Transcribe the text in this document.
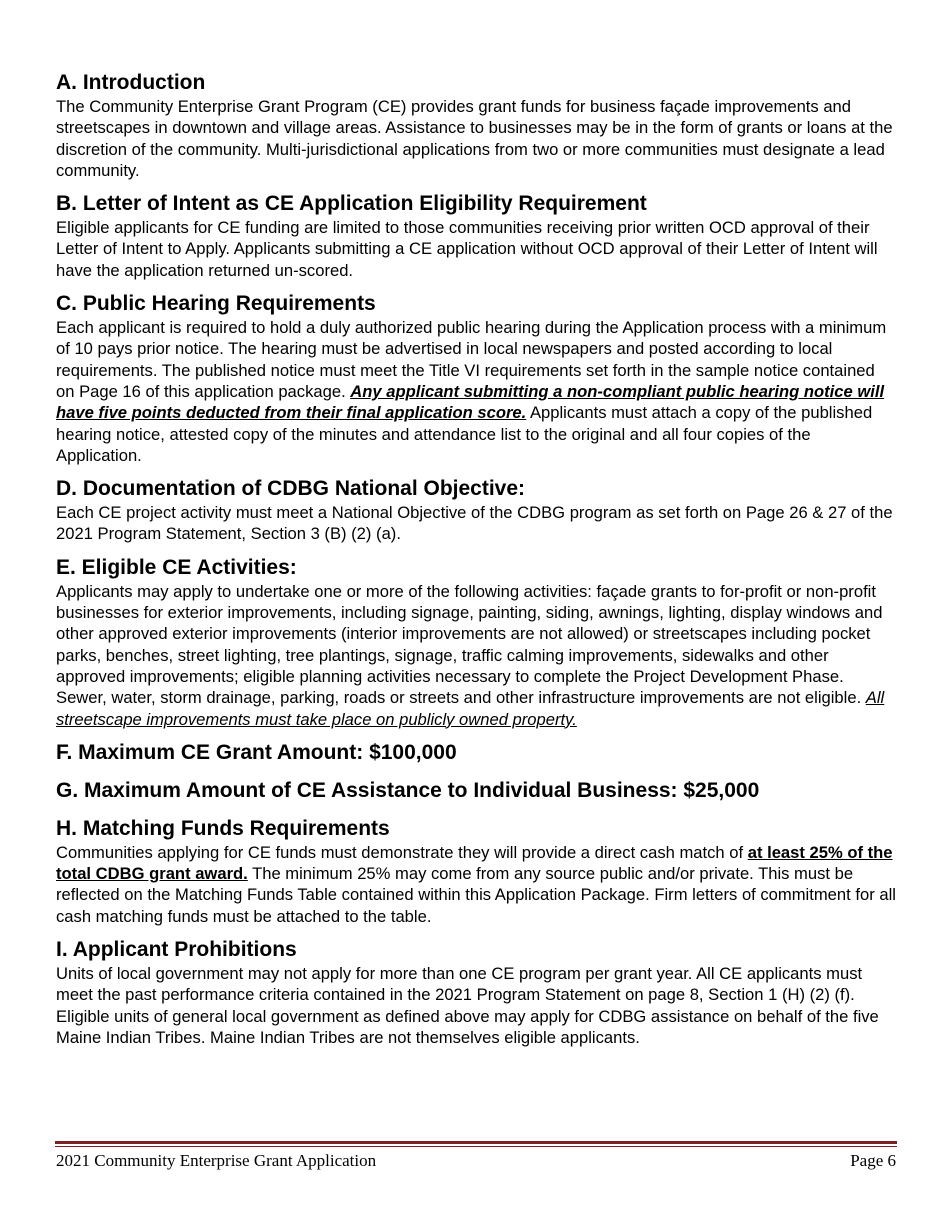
A. Introduction

The Community Enterprise Grant Program (CE) provides grant funds for business façade improvements and streetscapes in downtown and village areas. Assistance to businesses may be in the form of grants or loans at the discretion of the community. Multi-jurisdictional applications from two or more communities must designate a lead community.

B. Letter of Intent as CE Application Eligibility Requirement

Eligible applicants for CE funding are limited to those communities receiving prior written OCD approval of their Letter of Intent to Apply. Applicants submitting a CE application without OCD approval of their Letter of Intent will have the application returned un-scored.

C. Public Hearing Requirements

Each applicant is required to hold a duly authorized public hearing during the Application process with a minimum of 10 pays prior notice. The hearing must be advertised in local newspapers and posted according to local requirements. The published notice must meet the Title VI requirements set forth in the sample notice contained on Page 16 of this application package. Any applicant submitting a non-compliant public hearing notice will have five points deducted from their final application score. Applicants must attach a copy of the published hearing notice, attested copy of the minutes and attendance list to the original and all four copies of the Application.

D. Documentation of CDBG National Objective:

Each CE project activity must meet a National Objective of the CDBG program as set forth on Page 26 & 27 of the 2021 Program Statement, Section 3 (B) (2) (a).

E. Eligible CE Activities:

Applicants may apply to undertake one or more of the following activities: façade grants to for-profit or non-profit businesses for exterior improvements, including signage, painting, siding, awnings, lighting, display windows and other approved exterior improvements (interior improvements are not allowed) or streetscapes including pocket parks, benches, street lighting, tree plantings, signage, traffic calming improvements, sidewalks and other approved improvements; eligible planning activities necessary to complete the Project Development Phase. Sewer, water, storm drainage, parking, roads or streets and other infrastructure improvements are not eligible. All streetscape improvements must take place on publicly owned property.

F. Maximum CE Grant Amount: $100,000
G. Maximum Amount of CE Assistance to Individual Business: $25,000
H. Matching Funds Requirements

Communities applying for CE funds must demonstrate they will provide a direct cash match of at least 25% of the total CDBG grant award. The minimum 25% may come from any source public and/or private. This must be reflected on the Matching Funds Table contained within this Application Package. Firm letters of commitment for all cash matching funds must be attached to the table.

I. Applicant Prohibitions

Units of local government may not apply for more than one CE program per grant year. All CE applicants must meet the past performance criteria contained in the 2021 Program Statement on page 8, Section 1 (H) (2) (f). Eligible units of general local government as defined above may apply for CDBG assistance on behalf of the five Maine Indian Tribes. Maine Indian Tribes are not themselves eligible applicants.

2021 Community Enterprise Grant Application	Page 6
